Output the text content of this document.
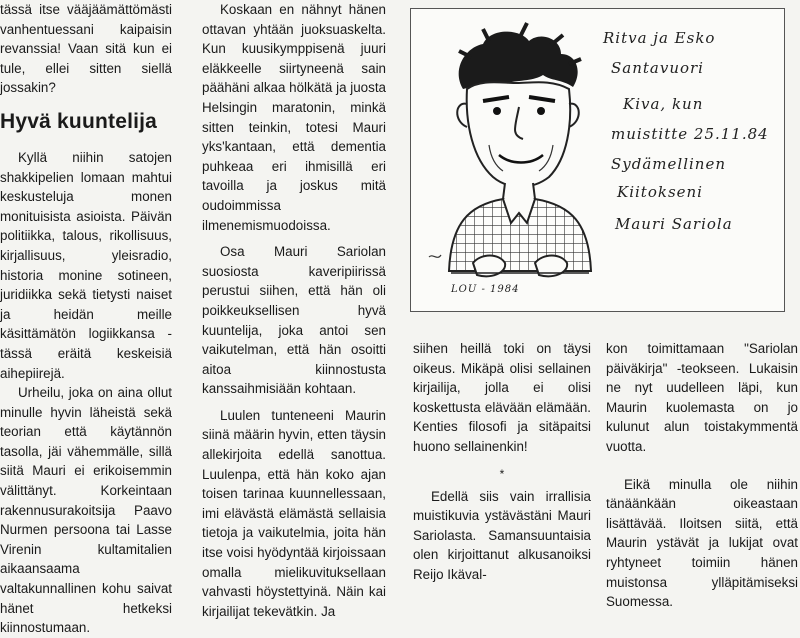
tässä itse vääjäämättömästi vanhentuessani kaipaisin revanssia! Vaan sitä kun ei tule, ellei sitten siellä jossakin?

Hyvä kuuntelija

Kyllä niihin satojen shakkipelien lomaan mahtui keskusteluja monen monituisista asioista. Päivän politiikka, talous, rikollisuus, kirjallisuus, yleisradio, historia monine sotineen, juridiikka sekä tietysti naiset ja heidän meille käsittämätön logiikkansa - tässä eräitä keskeisiä aihepiirejä.

Urheilu, joka on aina ollut minulle hyvin läheistä sekä teorian että käytännön tasolla, jäi vähemmälle, sillä siitä Mauri ei erikoisemmin välittänyt. Korkeintaan rakennusurakoitsija Paavo Nurmen persoona tai Lasse Virenin kultamitalien aikaansaama valtakunnallinen kohu saivat hänet hetkeksi kiinnostumaan.

Koskaan en nähnyt hänen ottavan yhtään juoksuaskelta. Kun kuusikymppisenä juuri eläkkeelle siirtyneenä sain päähäni alkaa hölkätä ja juosta Helsingin maratonin, minkä sitten teinkin, totesi Mauri yks'kantaan, että dementia puhkeaa eri ihmisillä eri tavoilla ja joskus mitä oudoimmissa ilmenemismuodoissa.

Osa Mauri Sariolan suosiosta kaveripiirissä perustui siihen, että hän oli poikkeuksellisen hyvä kuuntelija, joka antoi sen vaikutelman, että hän osoitti aitoa kiinnostusta kanssaihmisiään kohtaan.

Luulen tunteneeni Maurin siinä määrin hyvin, etten täysin allekirjoita edellä sanottua. Luulenpa, että hän koko ajan toisen tarinaa kuunnellessaan, imi elävästä elämästä sellaisia tietoja ja vaikutelmia, joita hän itse voisi hyödyntää kirjoissaan omalla mielikuvituksellaan vahvasti höystettyinä. Näin kai kirjailijat tekevätkin. Ja

Ritva ja Esko
Santavuori
Kiva, kun
muistitte 25.11.84
Sydämellinen
Kiitokseni
Mauri Sariola
LOU - 1984

siihen heillä toki on täysi oikeus. Mikäpä olisi sellainen kirjailija, jolla ei olisi koskettusta elävään elämään. Kenties filosofi ja sitäpaitsi huono sellainenkin!

*

Edellä siis vain irrallisia muistikuvia ystävästäni Mauri Sariolasta. Samansuuntaisia olen kirjoittanut alkusanoiksi Reijo Ikäval-

kon toimittamaan "Sariolan päiväkirja" -teokseen. Lukaisin ne nyt uudelleen läpi, kun Maurin kuolemasta on jo kulunut alun toistakymmentä vuotta.

Eikä minulla ole niihin tänäänkään oikeastaan lisättävää. Iloitsen siitä, että Maurin ystävät ja lukijat ovat ryhtyneet toimiin hänen muistonsa ylläpitämiseksi Suomessa.
